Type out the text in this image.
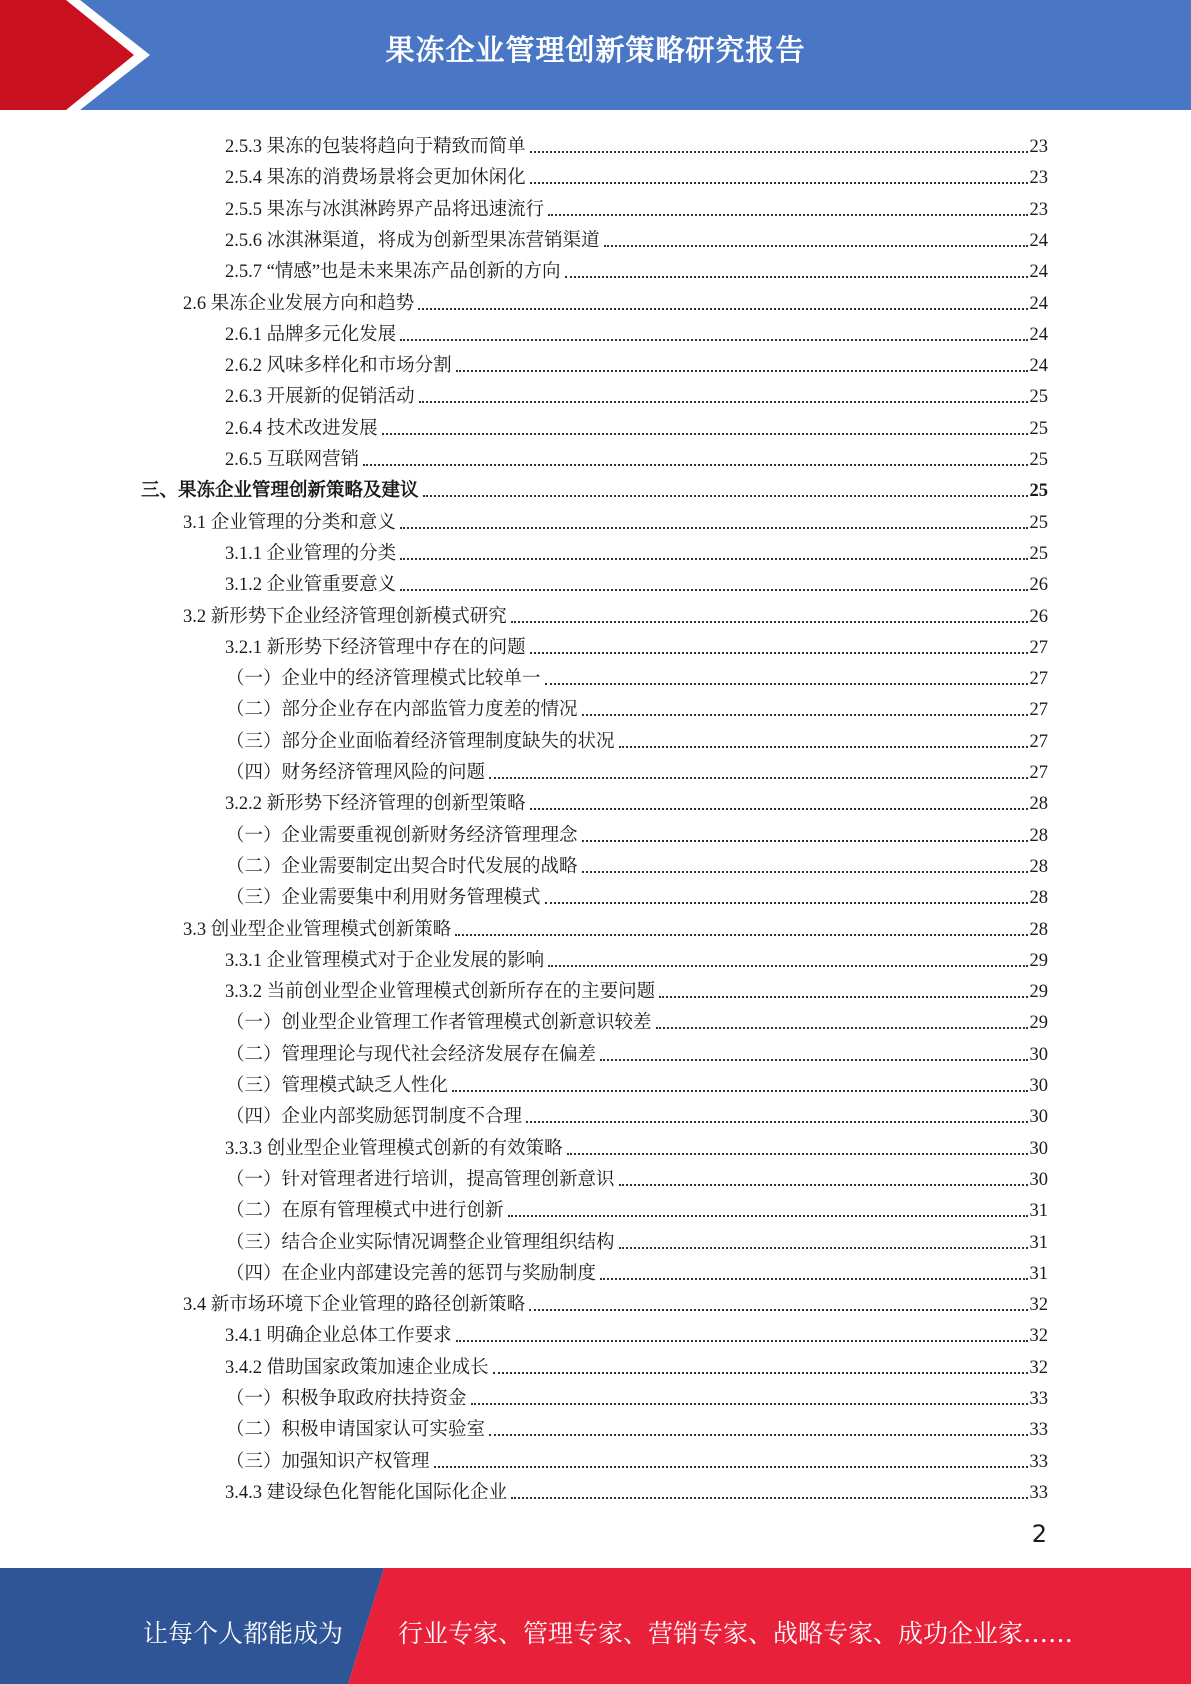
果冻企业管理创新策略研究报告
2.5.3 果冻的包装将趋向于精致而简单	23
2.5.4 果冻的消费场景将会更加休闲化	23
2.5.5 果冻与冰淇淋跨界产品将迅速流行	23
2.5.6 冰淇淋渠道，将成为创新型果冻营销渠道	24
2.5.7 “情感”也是未来果冻产品创新的方向	24
2.6 果冻企业发展方向和趋势	24
2.6.1 品牌多元化发展	24
2.6.2 风味多样化和市场分割	24
2.6.3 开展新的促销活动	25
2.6.4 技术改进发展	25
2.6.5 互联网营销	25
三、果冻企业管理创新策略及建议	25
3.1 企业管理的分类和意义	25
3.1.1 企业管理的分类	25
3.1.2 企业管重要意义	26
3.2 新形势下企业经济管理创新模式研究	26
3.2.1 新形势下经济管理中存在的问题	27
（一）企业中的经济管理模式比较单一	27
（二）部分企业存在内部监管力度差的情况	27
（三）部分企业面临着经济管理制度缺失的状况	27
（四）财务经济管理风险的问题	27
3.2.2 新形势下经济管理的创新型策略	28
（一）企业需要重视创新财务经济管理理念	28
（二）企业需要制定出契合时代发展的战略	28
（三）企业需要集中利用财务管理模式	28
3.3 创业型企业管理模式创新策略	28
3.3.1 企业管理模式对于企业发展的影响	29
3.3.2 当前创业型企业管理模式创新所存在的主要问题	29
（一）创业型企业管理工作者管理模式创新意识较差	29
（二）管理理论与现代社会经济发展存在偏差	30
（三）管理模式缺乏人性化	30
（四）企业内部奖励惩罚制度不合理	30
3.3.3 创业型企业管理模式创新的有效策略	30
（一）针对管理者进行培训，提高管理创新意识	30
（二）在原有管理模式中进行创新	31
（三）结合企业实际情况调整企业管理组织结构	31
（四）在企业内部建设完善的惩罚与奖励制度	31
3.4 新市场环境下企业管理的路径创新策略	32
3.4.1 明确企业总体工作要求	32
3.4.2 借助国家政策加速企业成长	32
（一）积极争取政府扶持资金	33
（二）积极申请国家认可实验室	33
（三）加强知识产权管理	33
3.4.3 建设绿色化智能化国际化企业	33
2
让每个人都能成为 行业专家、管理专家、营销专家、战略专家、成功企业家……
